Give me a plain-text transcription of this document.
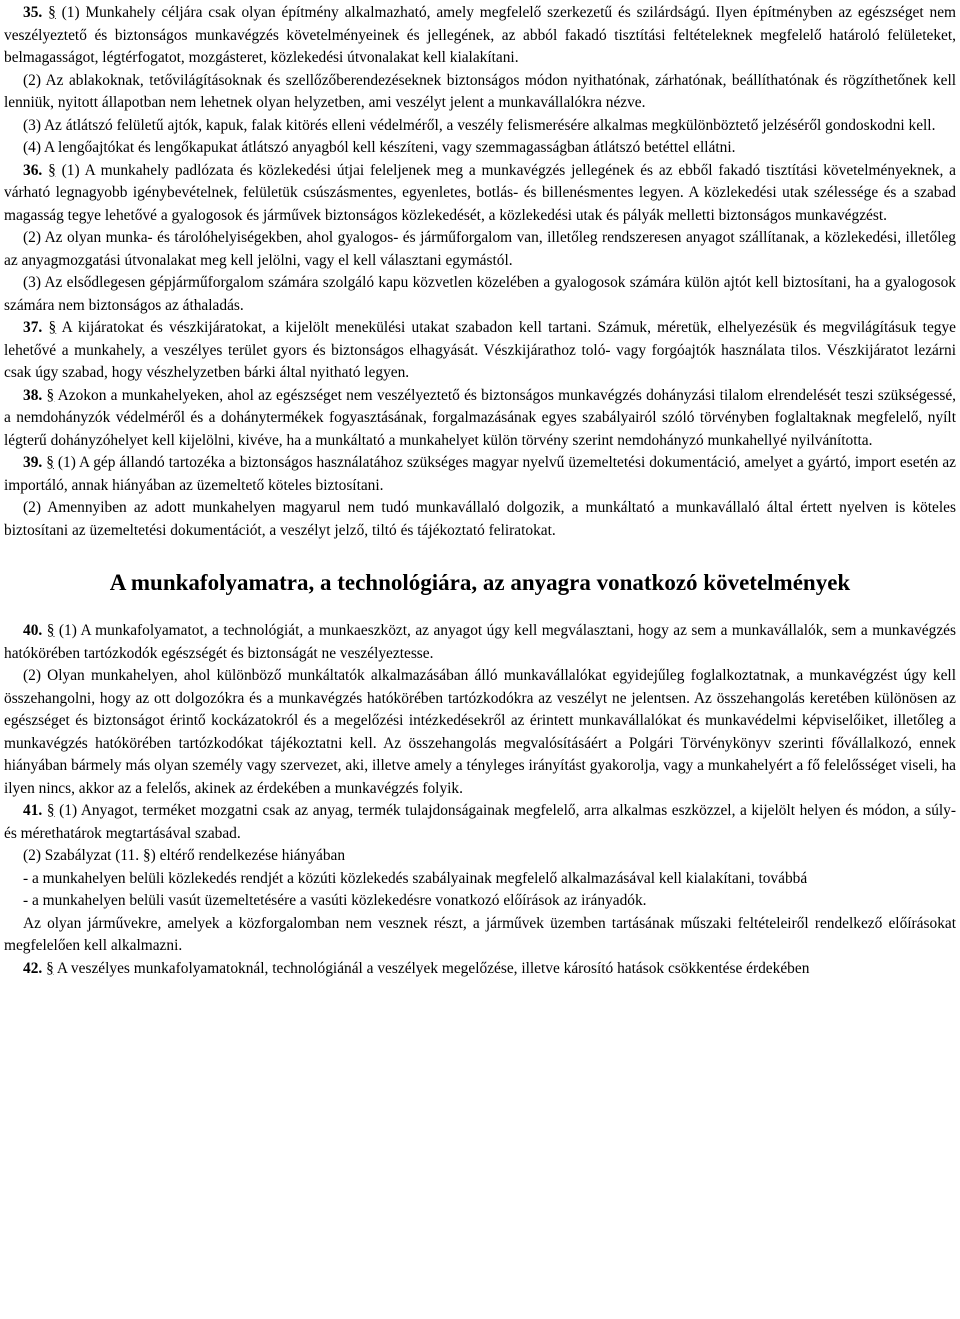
35. § (1) Munkahely céljára csak olyan építmény alkalmazható, amely megfelelő szerkezetű és szilárdságú. Ilyen építményben az egészséget nem veszélyeztető és biztonságos munkavégzés követelményeinek és jellegének, az abból fakadó tisztítási feltételeknek megfelelő határoló felületeket, belmagasságot, légtérfogatot, mozgásteret, közlekedési útvonalakat kell kialakítani.

(2) Az ablakoknak, tetővilágításoknak és szellőzőberendezéseknek biztonságos módon nyithatónak, zárhatónak, beállíthatónak és rögzíthetőnek kell lenniük, nyitott állapotban nem lehetnek olyan helyzetben, ami veszélyt jelent a munkavállalókra nézve.

(3) Az átlátszó felületű ajtók, kapuk, falak kitörés elleni védelméről, a veszély felismerésére alkalmas megkülönböztető jelzéséről gondoskodni kell.

(4) A lengőajtókat és lengőkapukat átlátszó anyagból kell készíteni, vagy szemmagasságban átlátszó betéttel ellátni.

36. § (1) A munkahely padlózata és közlekedési útjai feleljenek meg a munkavégzés jellegének és az ebből fakadó tisztítási követelményeknek, a várható legnagyobb igénybevételnek, felületük csúszásmentes, egyenletes, botlás- és billenésmentes legyen. A közlekedési utak szélessége és a szabad magasság tegye lehetővé a gyalogosok és járművek biztonságos közlekedését, a közlekedési utak és pályák melletti biztonságos munkavégzést.

(2) Az olyan munka- és tárolóhelyiségekben, ahol gyalogos- és járműforgalom van, illetőleg rendszeresen anyagot szállítanak, a közlekedési, illetőleg az anyagmozgatási útvonalakat meg kell jelölni, vagy el kell választani egymástól.

(3) Az elsődlegesen gépjárműforgalom számára szolgáló kapu közvetlen közelében a gyalogosok számára külön ajtót kell biztosítani, ha a gyalogosok számára nem biztonságos az áthaladás.

37. § A kijáratokat és vészkijáratokat, a kijelölt menekülési utakat szabadon kell tartani. Számuk, méretük, elhelyezésük és megvilágításuk tegye lehetővé a munkahely, a veszélyes terület gyors és biztonságos elhagyását. Vészkijárathoz toló- vagy forgóajtók használata tilos. Vészkijáratot lezárni csak úgy szabad, hogy vészhelyzetben bárki által nyitható legyen.

38. § Azokon a munkahelyeken, ahol az egészséget nem veszélyeztető és biztonságos munkavégzés dohányzási tilalom elrendelését teszi szükségessé, a nemdohányzók védelméről és a dohánytermékek fogyasztásának, forgalmazásának egyes szabályairól szóló törvényben foglaltaknak megfelelő, nyílt légterű dohányzóhelyet kell kijelölni, kivéve, ha a munkáltató a munkahelyet külön törvény szerint nemdohányzó munkahellyé nyilvánította.

39. § (1) A gép állandó tartozéka a biztonságos használatához szükséges magyar nyelvű üzemeltetési dokumentáció, amelyet a gyártó, import esetén az importáló, annak hiányában az üzemeltető köteles biztosítani.

(2) Amennyiben az adott munkahelyen magyarul nem tudó munkavállaló dolgozik, a munkáltató a munkavállaló által értett nyelven is köteles biztosítani az üzemeltetési dokumentációt, a veszélyt jelző, tiltó és tájékoztató feliratokat.

A munkafolyamatra, a technológiára, az anyagra vonatkozó követelmények

40. § (1) A munkafolyamatot, a technológiát, a munkaeszközt, az anyagot úgy kell megválasztani, hogy az sem a munkavállalók, sem a munkavégzés hatókörében tartózkodók egészségét és biztonságát ne veszélyeztesse.

(2) Olyan munkahelyen, ahol különböző munkáltatók alkalmazásában álló munkavállalókat egyidejűleg foglalkoztatnak, a munkavégzést úgy kell összehangolni, hogy az ott dolgozókra és a munkavégzés hatókörében tartózkodókra az veszélyt ne jelentsen. Az összehangolás keretében különösen az egészséget és biztonságot érintő kockázatokról és a megelőzési intézkedésekről az érintett munkavállalókat és munkavédelmi képviselőiket, illetőleg a munkavégzés hatókörében tartózkodókat tájékoztatni kell. Az összehangolás megvalósításáért a Polgári Törvénykönyv szerinti fővállalkozó, ennek hiányában bármely más olyan személy vagy szervezet, aki, illetve amely a tényleges irányítást gyakorolja, vagy a munkahelyért a fő felelősséget viseli, ha ilyen nincs, akkor az a felelős, akinek az érdekében a munkavégzés folyik.

41. § (1) Anyagot, terméket mozgatni csak az anyag, termék tulajdonságainak megfelelő, arra alkalmas eszközzel, a kijelölt helyen és módon, a súly- és mérethatárok megtartásával szabad.

(2) Szabályzat (11. §) eltérő rendelkezése hiányában

- a munkahelyen belüli közlekedés rendjét a közúti közlekedés szabályainak megfelelő alkalmazásával kell kialakítani, továbbá

- a munkahelyen belüli vasút üzemeltetésére a vasúti közlekedésre vonatkozó előírások az irányadók.

Az olyan járművekre, amelyek a közforgalomban nem vesznek részt, a járművek üzemben tartásának műszaki feltételeiről rendelkező előírásokat megfelelően kell alkalmazni.

42. § A veszélyes munkafolyamatoknál, technológiánál a veszélyek megelőzése, illetve károsító hatások csökkentése érdekében
